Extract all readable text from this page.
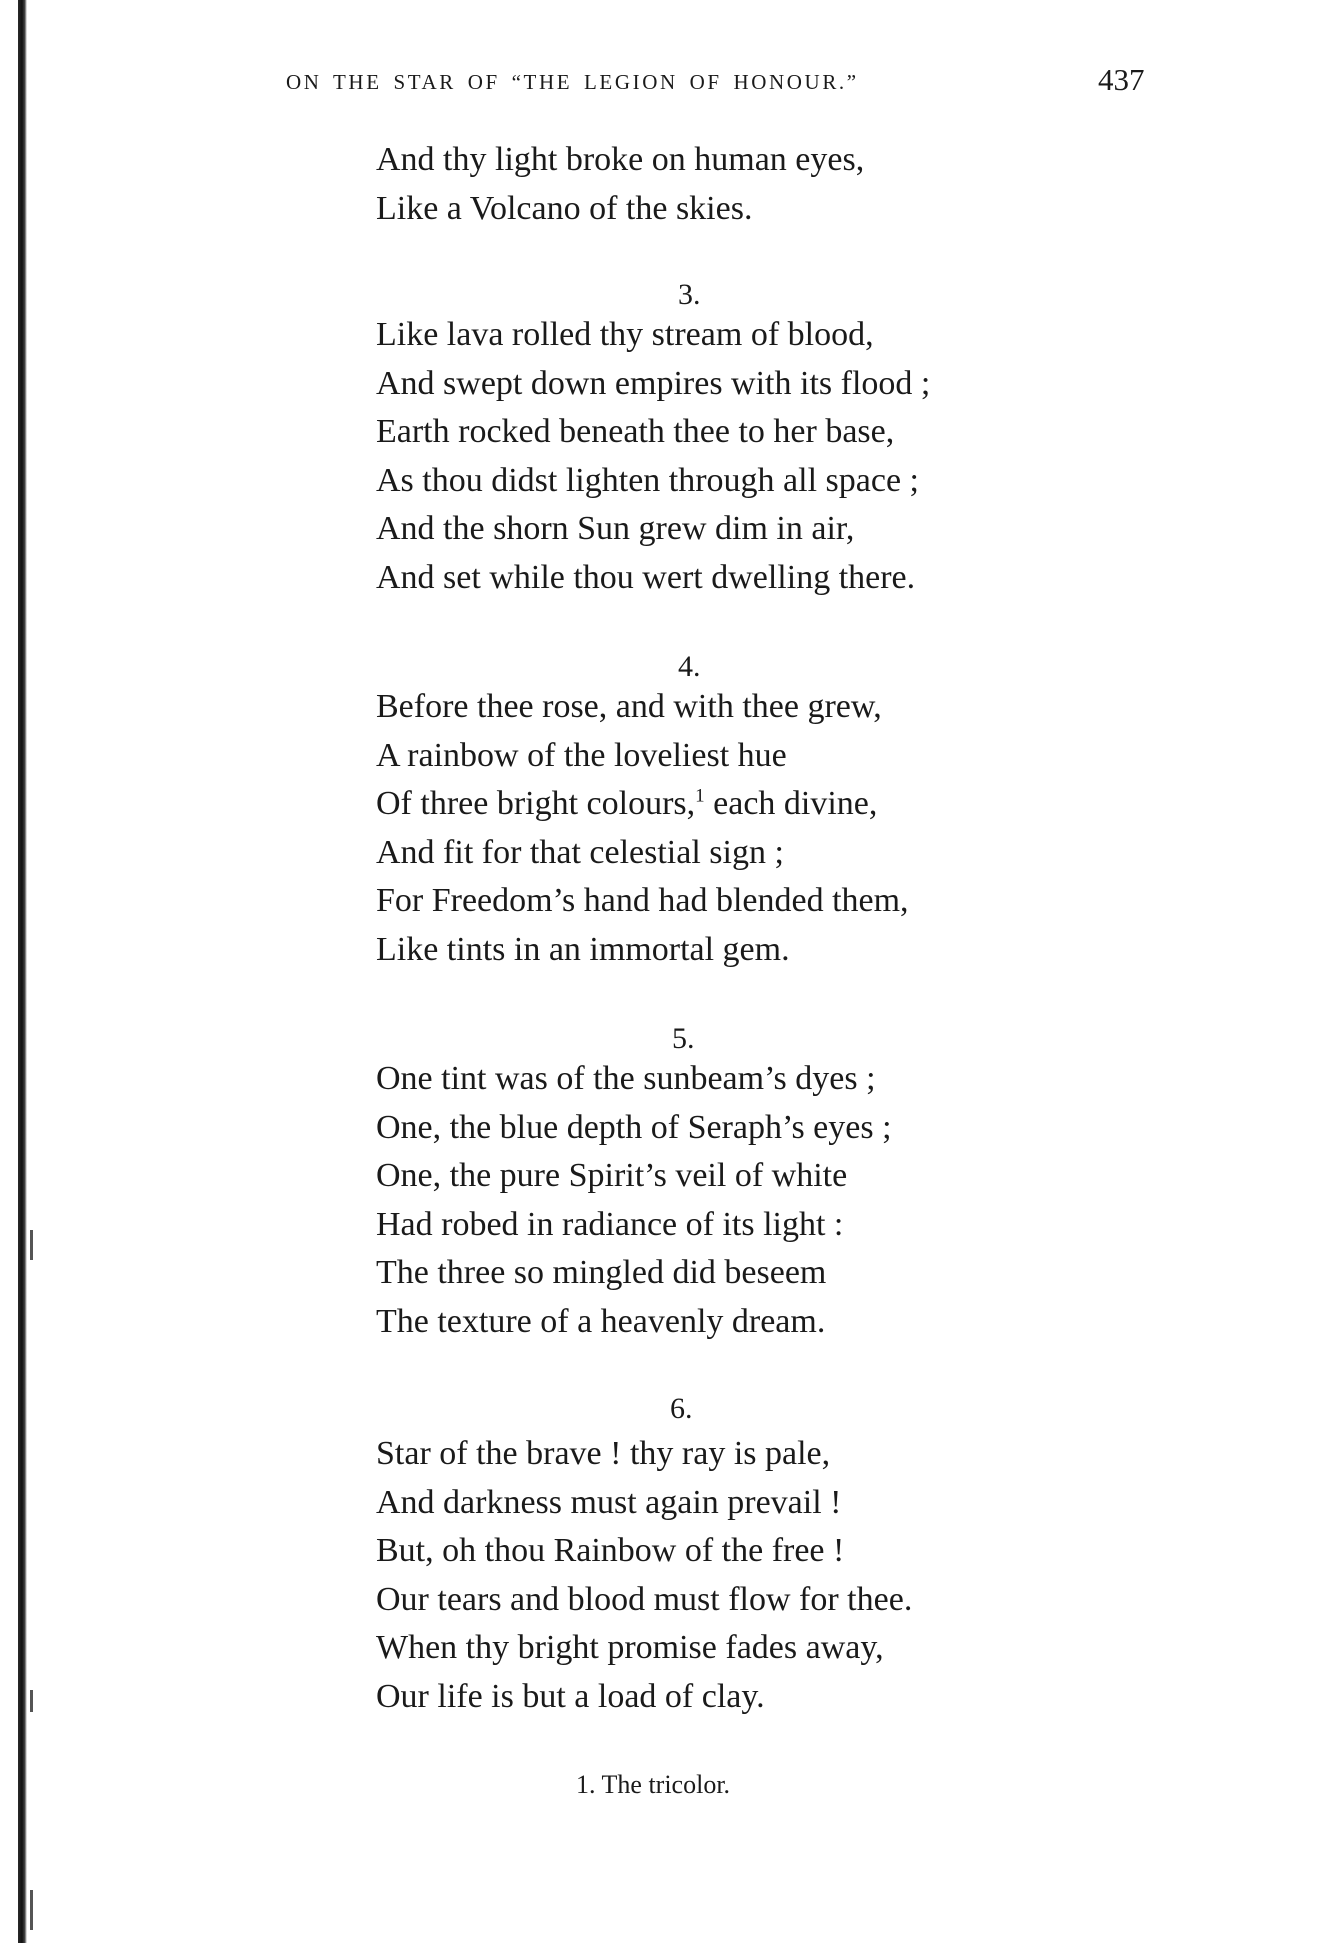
ON THE STAR OF “THE LEGION OF HONOUR.”	437
And thy light broke on human eyes,
Like a Volcano of the skies.
3.
Like lava rolled thy stream of blood,
And swept down empires with its flood ;
Earth rocked beneath thee to her base,
As thou didst lighten through all space ;
And the shorn Sun grew dim in air,
And set while thou wert dwelling there.
4.
Before thee rose, and with thee grew,
A rainbow of the loveliest hue
Of three bright colours,$^1$ each divine,
And fit for that celestial sign ;
For Freedom’s hand had blended them,
Like tints in an immortal gem.
5.
One tint was of the sunbeam’s dyes ;
One, the blue depth of Seraph’s eyes ;
One, the pure Spirit’s veil of white
Had robed in radiance of its light :
The three so mingled did beseem
The texture of a heavenly dream.
6.
Star of the brave ! thy ray is pale,
And darkness must again prevail !
But, oh thou Rainbow of the free !
Our tears and blood must flow for thee.
When thy bright promise fades away,
Our life is but a load of clay.
1. The tricolor.
